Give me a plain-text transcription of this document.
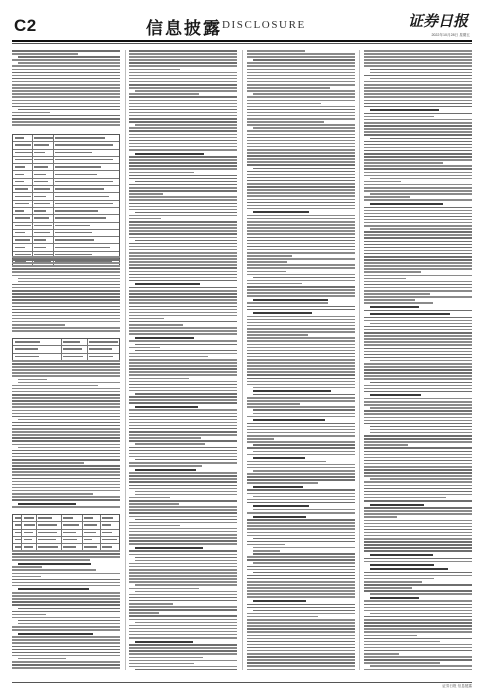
C2	信息披露 DISCLOSURE	证券日报
2022年10月28日 星期五
证券日报 信息披露
